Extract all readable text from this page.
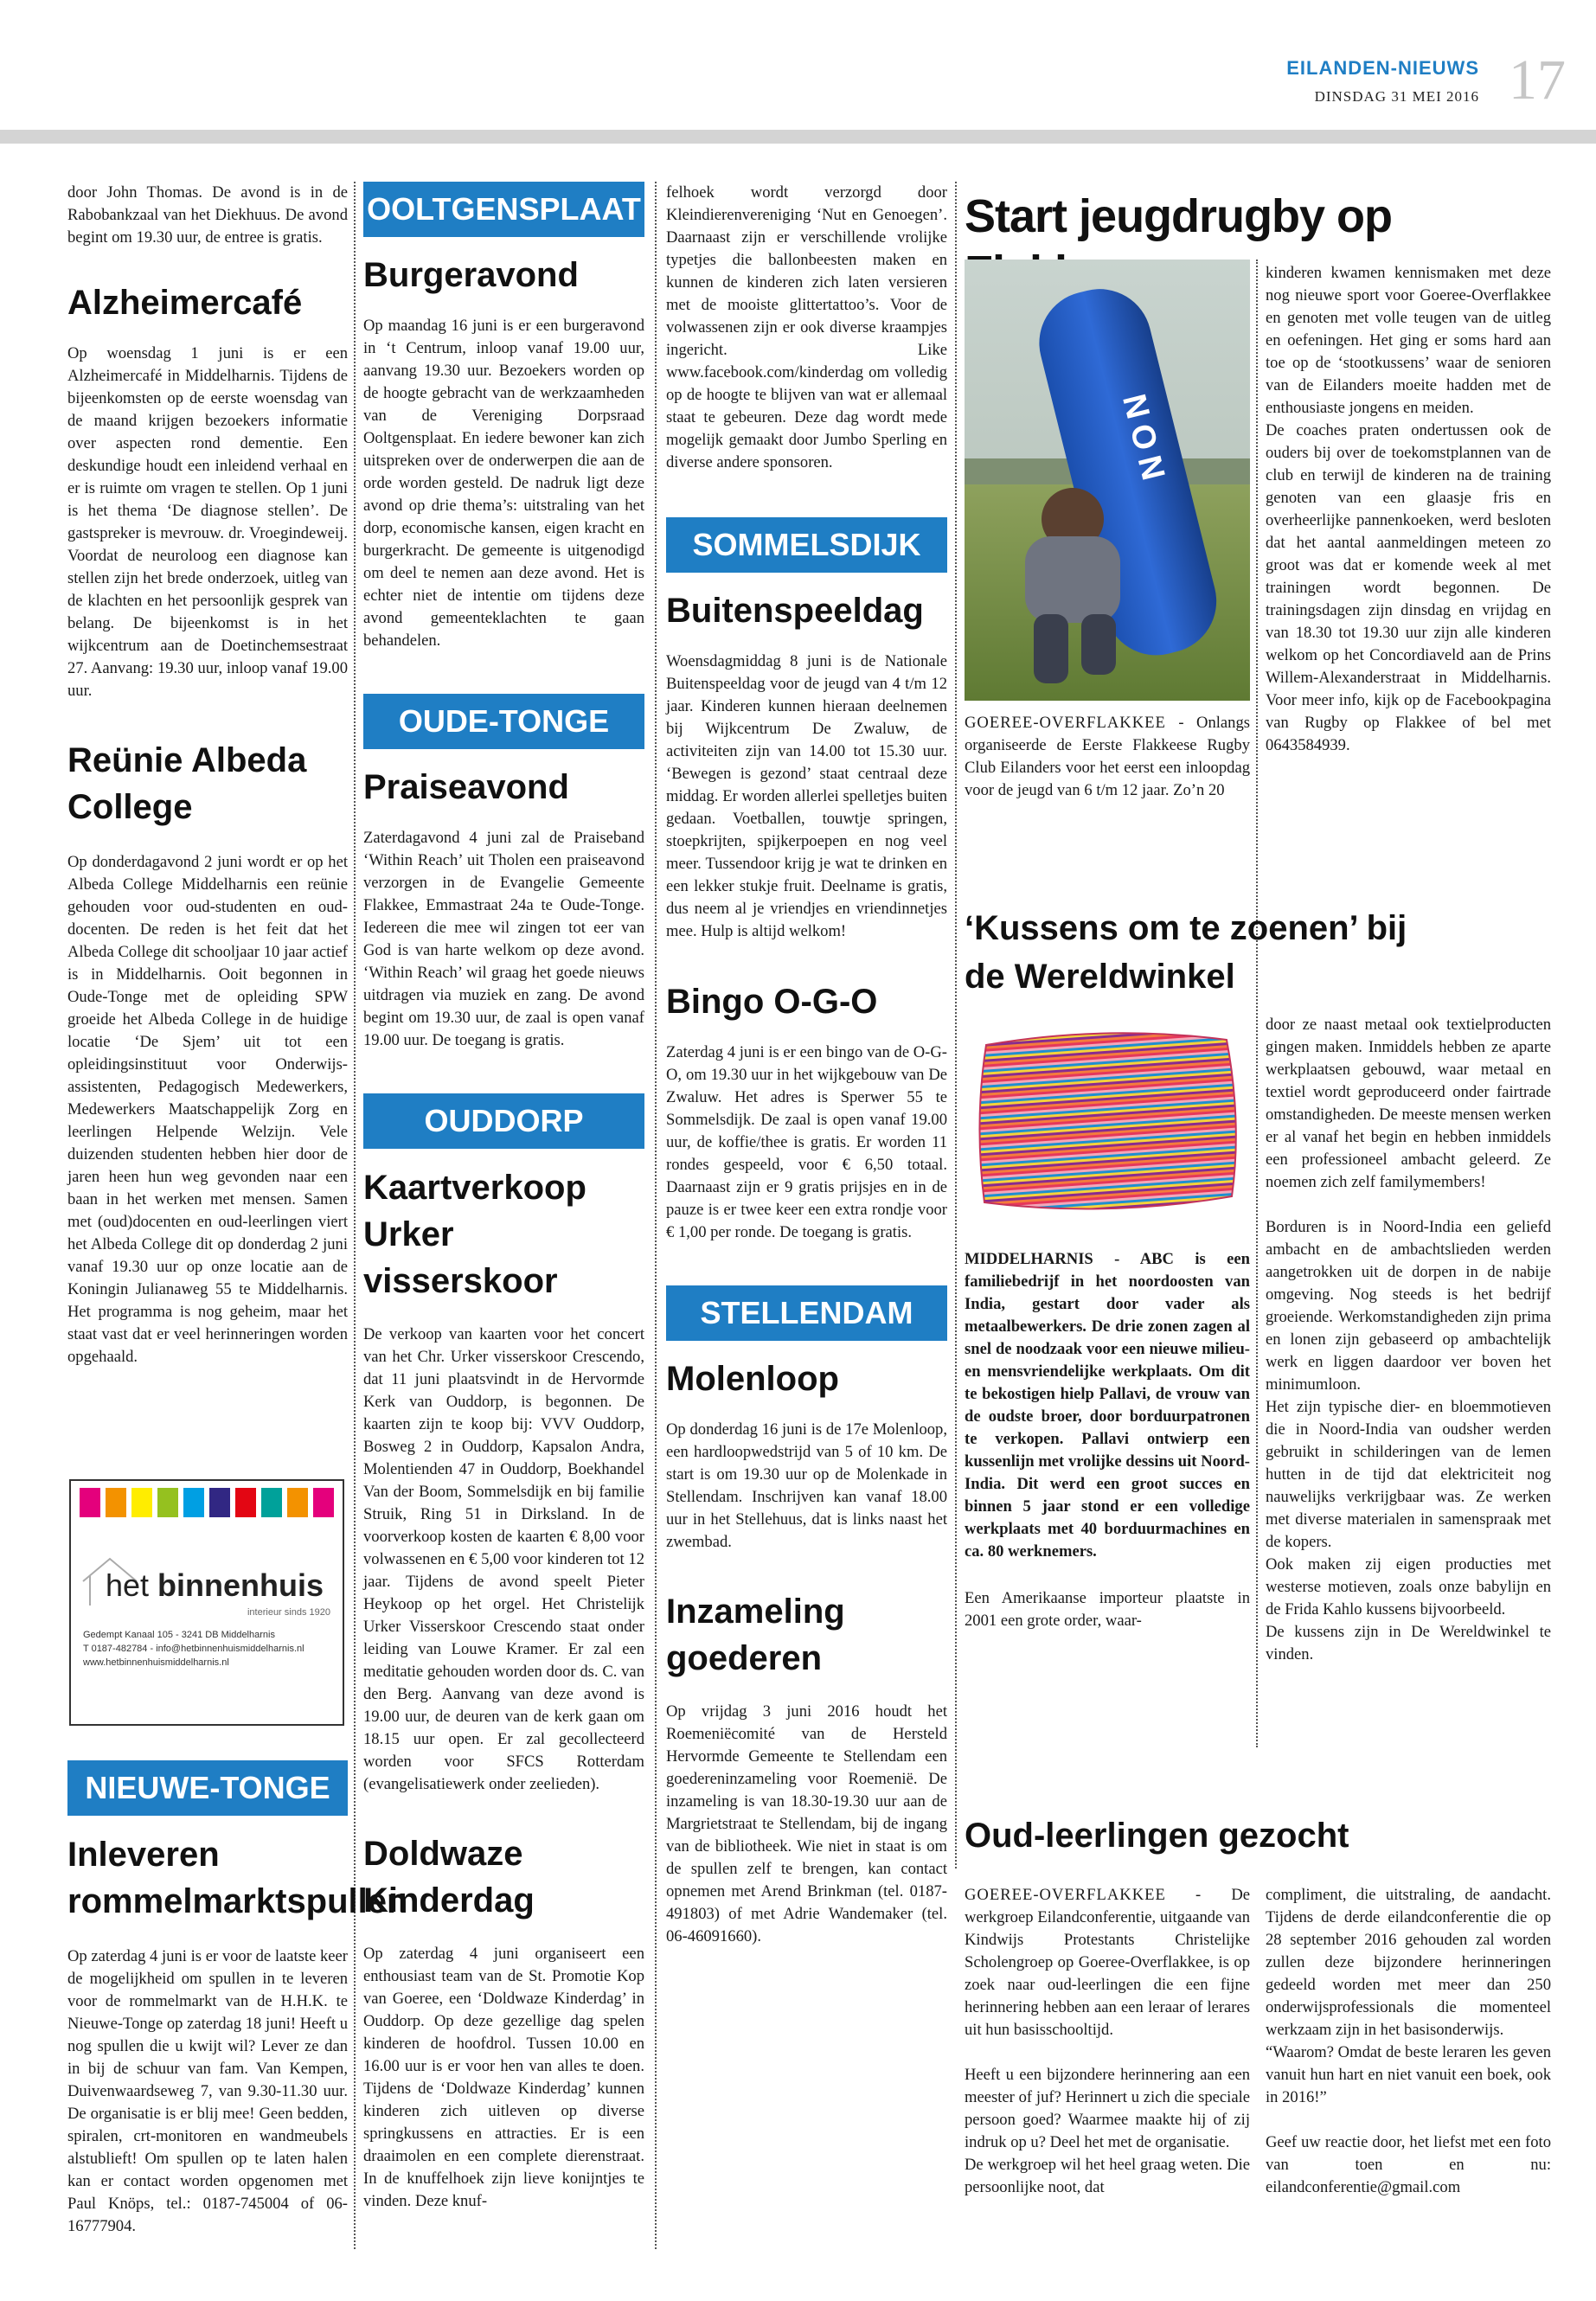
EILANDEN-NIEUWS
DINSDAG 31 MEI 2016 17

door John Thomas. De avond is in de Rabobankzaal van het Diekhuus. De avond begint om 19.30 uur, de entree is gratis.

Alzheimercafé

Op woensdag 1 juni is er een Alzheimercafé in Middelharnis. Tijdens de bijeenkomsten op de eerste woensdag van de maand krijgen bezoekers informatie over aspecten rond dementie. Een deskundige houdt een inleidend verhaal en er is ruimte om vragen te stellen. Op 1 juni is het thema ‘De diagnose stellen’. De gastspreker is mevrouw. dr. Vroegindeweij. Voordat de neuroloog een diagnose kan stellen zijn het brede onderzoek, uitleg van de klachten en het persoonlijk gesprek van belang. De bijeenkomst is in het wijkcentrum aan de Doetinchemsestraat 27. Aanvang: 19.30 uur, inloop vanaf 19.00 uur.

Reünie Albeda College

Op donderdagavond 2 juni wordt er op het Albeda College Middelharnis een reünie gehouden voor oud-studenten en oud-docenten. De reden is het feit dat het Albeda College dit schooljaar 10 jaar actief is in Middelharnis. Ooit begonnen in Oude-Tonge met de opleiding SPW groeide het Albeda College in de huidige locatie ‘De Sjem’ uit tot een opleidingsinstituut voor Onderwijs-assistenten, Pedagogisch Medewerkers, Medewerkers Maatschappelijk Zorg en leerlingen Helpende Welzijn. Vele duizenden studenten hebben hier door de jaren heen hun weg gevonden naar een baan in het werken met mensen. Samen met (oud)docenten en oud-leerlingen viert het Albeda College dit op donderdag 2 juni vanaf 19.30 uur op onze locatie aan de Koningin Julianaweg 55 te Middelharnis. Het programma is nog geheim, maar het staat vast dat er veel herinneringen worden opgehaald.

het binnenhuis
interieur sinds 1920
Gedempt Kanaal 105 - 3241 DB Middelharnis
T 0187-482784 - info@hetbinnenhuismiddelharnis.nl
www.hetbinnenhuismiddelharnis.nl
NIEUWE-TONGE
Inleveren rommelmarktspullen

Op zaterdag 4 juni is er voor de laatste keer de mogelijkheid om spullen in te leveren voor de rommelmarkt van de H.H.K. te Nieuwe-Tonge op zaterdag 18 juni! Heeft u nog spullen die u kwijt wil? Lever ze dan in bij de schuur van fam. Van Kempen, Duivenwaardseweg 7, van 9.30-11.30 uur. De organisatie is er blij mee! Geen bedden, spiralen, crt-monitoren en wandmeubels alstublieft! Om spullen op te laten halen kan er contact worden opgenomen met Paul Knöps, tel.: 0187-745004 of 06-16777904.

OOLTGENSPLAAT
Burgeravond

Op maandag 16 juni is er een burgeravond in ‘t Centrum, inloop vanaf 19.00 uur, aanvang 19.30 uur. Bezoekers worden op de hoogte gebracht van de werkzaamheden van de Vereniging Dorpsraad Ooltgensplaat. En iedere bewoner kan zich uitspreken over de onderwerpen die aan de orde worden gesteld. De nadruk ligt deze avond op drie thema’s: uitstraling van het dorp, economische kansen, eigen kracht en burgerkracht. De gemeente is uitgenodigd om deel te nemen aan deze avond. Het is echter niet de intentie om tijdens deze avond gemeenteklachten te gaan behandelen.

OUDE-TONGE
Praiseavond

Zaterdagavond 4 juni zal de Praiseband ‘Within Reach’ uit Tholen een praiseavond verzorgen in de Evangelie Gemeente Flakkee, Emmastraat 24a te Oude-Tonge. Iedereen die mee wil zingen tot eer van God is van harte welkom op deze avond. ‘Within Reach’ wil graag het goede nieuws uitdragen via muziek en zang. De avond begint om 19.30 uur, de zaal is open vanaf 19.00 uur. De toegang is gratis.

OUDDORP
Kaartverkoop Urker visserskoor

De verkoop van kaarten voor het concert van het Chr. Urker visserskoor Crescendo, dat 11 juni plaatsvindt in de Hervormde Kerk van Ouddorp, is begonnen. De kaarten zijn te koop bij: VVV Ouddorp, Bosweg 2 in Ouddorp, Kapsalon Andra, Molentienden 47 in Ouddorp, Boekhandel Van der Boom, Sommelsdijk en bij familie Struik, Ring 51 in Dirksland. In de voorverkoop kosten de kaarten € 8,00 voor volwassenen en € 5,00 voor kinderen tot 12 jaar. Tijdens de avond speelt Pieter Heykoop op het orgel. Het Christelijk Urker Visserskoor Crescendo staat onder leiding van Louwe Kramer. Er zal een meditatie gehouden worden door ds. C. van den Berg. Aanvang van deze avond is 19.00 uur, de deuren van de kerk gaan om 18.15 uur open. Er zal gecollecteerd worden voor SFCS Rotterdam (evangelisatiewerk onder zeelieden).

Doldwaze Kinderdag

Op zaterdag 4 juni organiseert een enthousiast team van de St. Promotie Kop van Goeree, een ‘Doldwaze Kinderdag’ in Ouddorp. Op deze gezellige dag spelen kinderen de hoofdrol. Tussen 10.00 en 16.00 uur is er voor hen van alles te doen. Tijdens de ‘Doldwaze Kinderdag’ kunnen kinderen zich uitleven op diverse springkussens en attracties. Er is een draaimolen en een complete dierenstraat. In de knuffelhoek zijn lieve konijntjes te vinden. Deze knuf-

felhoek wordt verzorgd door Kleindierenvereniging ‘Nut en Genoegen’. Daarnaast zijn er verschillende vrolijke typetjes die ballonbeesten maken en kunnen de kinderen zich laten versieren met de mooiste glittertattoo’s. Voor de volwassenen zijn er ook diverse kraampjes ingericht. Like www.facebook.com/kinderdag om volledig op de hoogte te blijven van wat er allemaal staat te gebeuren. Deze dag wordt mede mogelijk gemaakt door Jumbo Sperling en diverse andere sponsoren.

SOMMELSDIJK
Buitenspeeldag

Woensdagmiddag 8 juni is de Nationale Buitenspeeldag voor de jeugd van 4 t/m 12 jaar. Kinderen kunnen hieraan deelnemen bij Wijkcentrum De Zwaluw, de activiteiten zijn van 14.00 tot 15.30 uur. ‘Bewegen is gezond’ staat centraal deze middag. Er worden allerlei spelletjes buiten gedaan. Voetballen, touwtje springen, stoepkrijten, spijkerpoepen en nog veel meer. Tussendoor krijg je wat te drinken en een lekker stukje fruit. Deelname is gratis, dus neem al je vriendjes en vriendinnetjes mee. Hulp is altijd welkom!

Bingo O-G-O

Zaterdag 4 juni is er een bingo van de O-G-O, om 19.30 uur in het wijkgebouw van De Zwaluw. Het adres is Sperwer 55 te Sommelsdijk. De zaal is open vanaf 19.00 uur, de koffie/thee is gratis. Er worden 11 rondes gespeeld, voor € 6,50 totaal. Daarnaast zijn er 9 gratis prijsjes en in de pauze is er twee keer een extra rondje voor € 1,00 per ronde. De toegang is gratis.

STELLENDAM
Molenloop

Op donderdag 16 juni is de 17e Molenloop, een hardloopwedstrijd van 5 of 10 km. De start is om 19.30 uur op de Molenkade in Stellendam. Inschrijven kan vanaf 18.00 uur in het Stellehuus, dat is links naast het zwembad.

Inzameling goederen

Op vrijdag 3 juni 2016 houdt het Roemeniëcomité van de Hersteld Hervormde Gemeente te Stellendam een goedereninzameling voor Roemenië. De inzameling is van 18.30-19.30 uur aan de Margrietstraat te Stellendam, bij de ingang van de bibliotheek. Wie niet in staat is om de spullen zelf te brengen, kan contact opnemen met Arend Brinkman (tel. 0187-491803) of met Adrie Wandemaker (tel. 06-46091660).

Start jeugdrugby op
NON

GOEREE-OVERFLAKKEE - Onlangs organiseerde de Eerste Flakkeese Rugby Club Eilanders voor het eerst een inloopdag voor de jeugd van 6 t/m 12 jaar. Zo’n 20

kinderen kwamen kennismaken met deze nog nieuwe sport voor Goeree-Overflakkee en genoten met volle teugen van de uitleg en oefeningen. Het ging er soms hard aan toe op de ‘stootkussens’ waar de senioren van de Eilanders moeite hadden met de enthousiaste jongens en meiden.

De coaches praten ondertussen ook de ouders bij over de toekomstplannen van de club en terwijl de kinderen na de training genoten van een glaasje fris en overheerlijke pannenkoeken, werd besloten dat het aantal aanmeldingen meteen zo groot was dat er komende week al met trainingen wordt begonnen. De trainingsdagen zijn dinsdag en vrijdag en van 18.30 tot 19.30 uur zijn alle kinderen welkom op het Concordiaveld aan de Prins Willem-Alexanderstraat in Middelharnis. Voor meer info, kijk op de Facebookpagina van Rugby op Flakkee of bel met 0643584939.

‘Kussens om te zoenen’ bij de Wereldwinkel

MIDDELHARNIS - ABC is een familiebedrijf in het noordoosten van India, gestart door vader als metaalbewerkers. De drie zonen zagen al snel de noodzaak voor een nieuwe milieu- en mensvriendelijke werkplaats. Om dit te bekostigen hielp Pallavi, de vrouw van de oudste broer, door borduurpatronen te verkopen. Pallavi ontwierp een kussenlijn met vrolijke dessins uit Noord-India. Dit werd een groot succes en binnen 5 jaar stond er een volledige werkplaats met 40 borduurmachines en ca. 80 werknemers.

Een Amerikaanse importeur plaatste in 2001 een grote order, waar-

door ze naast metaal ook textielproducten gingen maken. Inmiddels hebben ze aparte werkplaatsen gebouwd, waar metaal en textiel wordt geproduceerd onder fairtrade omstandigheden. De meeste mensen werken er al vanaf het begin en hebben inmiddels een professioneel ambacht geleerd. Ze noemen zich zelf familymembers!

Borduren is in Noord-India een geliefd ambacht en de ambachtslieden werden aangetrokken uit de dorpen in de nabije omgeving. Nog steeds is het bedrijf groeiende. Werkomstandigheden zijn prima en lonen zijn gebaseerd op ambachtelijk werk en liggen daardoor ver boven het minimumloon.

Het zijn typische dier- en bloemmotieven die in Noord-India van oudsher werden gebruikt in schilderingen van de lemen hutten in de tijd dat elektriciteit nog nauwelijks verkrijgbaar was. Ze werken met diverse materialen in samenspraak met de kopers.

Ook maken zij eigen producties met westerse motieven, zoals onze babylijn en de Frida Kahlo kussens bijvoorbeeld.

De kussens zijn in De Wereldwinkel te vinden.

Oud-leerlingen gezocht

GOEREE-OVERFLAKKEE - De werkgroep Eilandconferentie, uitgaande van Kindwijs Protestants Christelijke Scholengroep op Goeree-Overflakkee, is op zoek naar oud-leerlingen die een fijne herinnering hebben aan een leraar of lerares uit hun basisschooltijd.

Heeft u een bijzondere herinnering aan een meester of juf? Herinnert u zich die speciale persoon goed? Waarmee maakte hij of zij indruk op u? Deel het met de organisatie.

De werkgroep wil het heel graag weten. Die persoonlijke noot, dat

compliment, die uitstraling, de aandacht. Tijdens de derde eilandconferentie die op 28 september 2016 gehouden zal worden zullen deze bijzondere herinneringen gedeeld worden met meer dan 250 onderwijsprofessionals die momenteel werkzaam zijn in het basisonderwijs.

“Waarom? Omdat de beste leraren les geven vanuit hun hart en niet vanuit een boek, ook in 2016!”

Geef uw reactie door, het liefst met een foto van toen en nu: eilandconferentie@gmail.com
